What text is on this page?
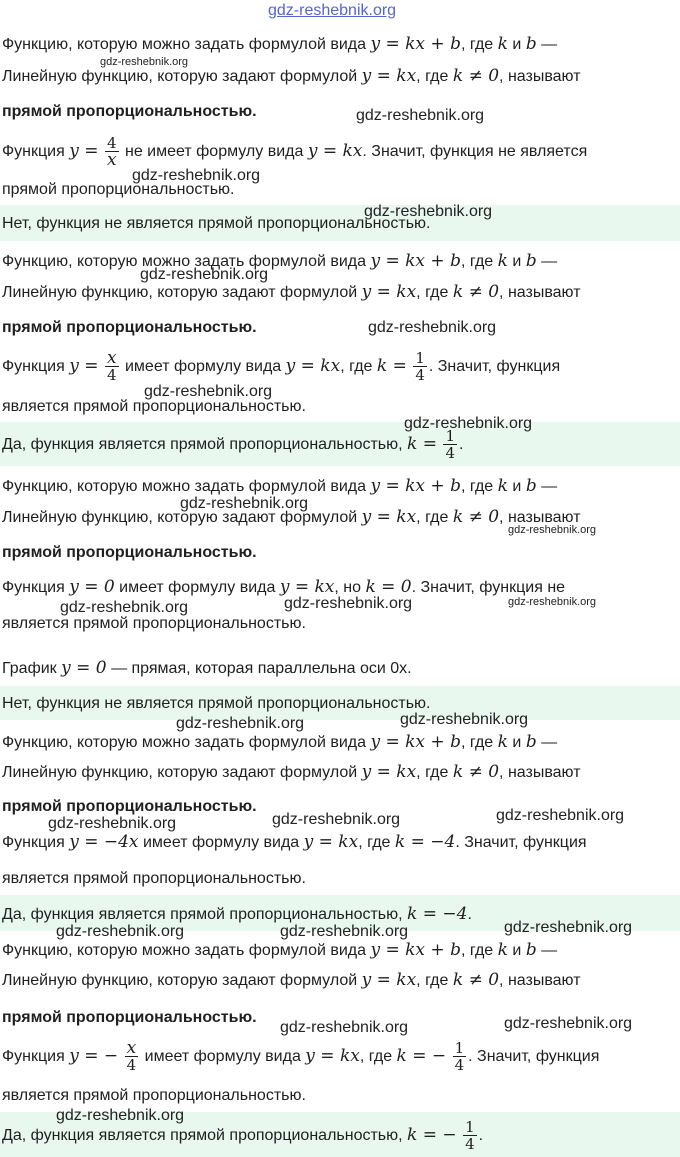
Функцию, которую можно задать формулой вида y = kx + b, где k и b —
Линейную функцию, которую задают формулой y = kx, где k ≠ 0, называют
прямой пропорциональностью.
Функция $y = \frac{4}{x}$ не имеет формулу вида y = kx. Значит, функция не является
прямой пропорциональностью.
Нет, функция не является прямой пропорциональностью.
Функцию, которую можно задать формулой вида y = kx + b, где k и b —
Линейную функцию, которую задают формулой y = kx, где k ≠ 0, называют
прямой пропорциональностью.
Функция $y = \frac{x}{4}$ имеет формулу вида y = kx, где $k = \frac{1}{4}$ . Значит, функция
является прямой пропорциональностью.
Да, функция является прямой пропорциональностью, $k = \frac{1}{4}$ .
Функцию, которую можно задать формулой вида y = kx + b, где k и b —
Линейную функцию, которую задают формулой y = kx, где k ≠ 0, называют
прямой пропорциональностью.
Функция y = 0 имеет формулу вида y = kx, но k = 0. Значит, функция не
является прямой пропорциональностью.
График y = 0 — прямая, которая параллельна оси 0x.
Нет, функция не является прямой пропорциональностью.
Функцию, которую можно задать формулой вида y = kx + b, где k и b —
Линейную функцию, которую задают формулой y = kx, где k ≠ 0, называют
прямой пропорциональностью.
Функция y = −4x имеет формулу вида y = kx, где k = −4. Значит, функция
является прямой пропорциональностью.
Да, функция является прямой пропорциональностью, k = −4.
Функцию, которую можно задать формулой вида y = kx + b, где k и b —
Линейную функцию, которую задают формулой y = kx, где k ≠ 0, называют
прямой пропорциональностью.
Функция y = − $\frac{x}{4}$ имеет формулу вида y = kx, где k = − $\frac{1}{4}$ . Значит, функция
является прямой пропорциональностью.
Да, функция является прямой пропорциональностью, k = − $\frac{1}{4}$ .
gdz-reshebnik.org
gdz-reshebnik.org
gdz-reshebnik.org
gdz-reshebnik.org
gdz-reshebnik.org
gdz-reshebnik.org
gdz-reshebnik.org
gdz-reshebnik.org
gdz-reshebnik.org
gdz-reshebnik.org
gdz-reshebnik.org
gdz-reshebnik.org	gdz-reshebnik.org	gdz-reshebnik.org
gdz-reshebnik.org	gdz-reshebnik.org
gdz-reshebnik.org	gdz-reshebnik.org	gdz-reshebnik.org
gdz-reshebnik.org	gdz-reshebnik.org	gdz-reshebnik.org
gdz-reshebnik.org	gdz-reshebnik.org
gdz-reshebnik.org
